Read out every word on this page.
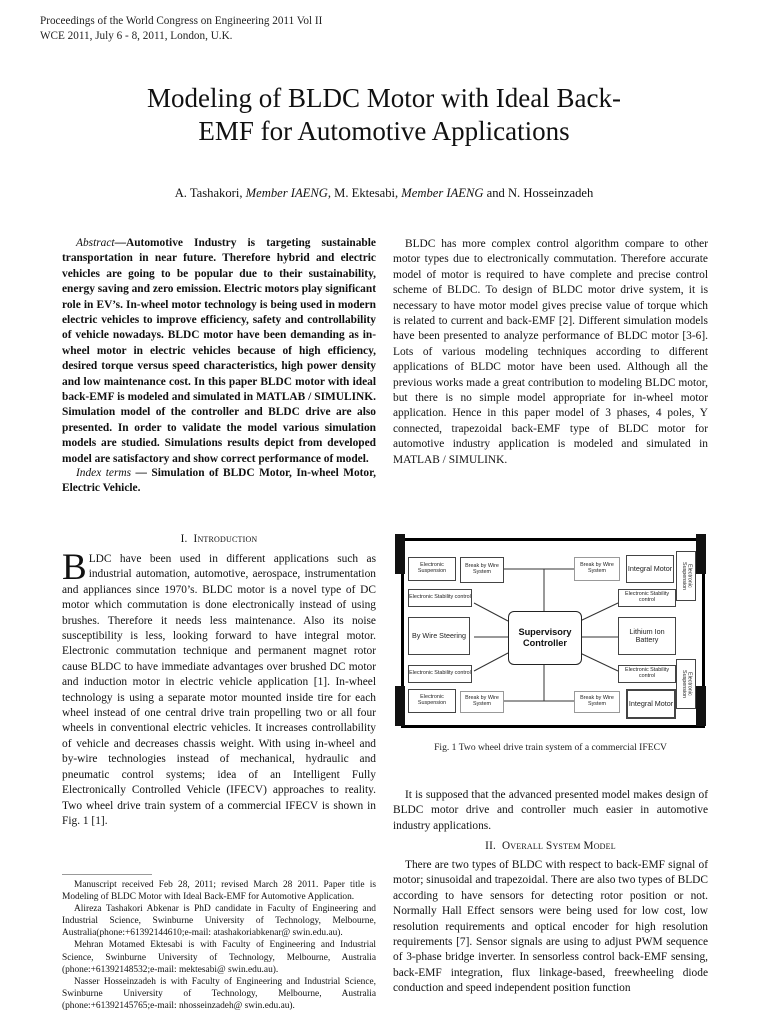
Proceedings of the World Congress on Engineering 2011 Vol II
WCE 2011, July 6 - 8, 2011, London, U.K.
Modeling of BLDC Motor with Ideal Back-
EMF for Automotive Applications
A. Tashakori, Member IAENG, M. Ektesabi, Member IAENG and N. Hosseinzadeh
Abstract—Automotive Industry is targeting sustainable transportation in near future. Therefore hybrid and electric vehicles are going to be popular due to their sustainability, energy saving and zero emission. Electric motors play significant role in EV’s. In-wheel motor technology is being used in modern electric vehicles to improve efficiency, safety and controllability of vehicle nowadays. BLDC motor have been demanding as in-wheel motor in electric vehicles because of high efficiency, desired torque versus speed characteristics, high power density and low maintenance cost. In this paper BLDC motor with ideal back-EMF is modeled and simulated in MATLAB / SIMULINK. Simulation model of the controller and BLDC drive are also presented. In order to validate the model various simulation models are studied. Simulations results depict from developed model are satisfactory and show correct performance of model.
Index terms — Simulation of BLDC Motor, In-wheel Motor, Electric Vehicle.
I. Introduction
BLDC have been used in different applications such as industrial automation, automotive, aerospace, instrumentation and appliances since 1970’s. BLDC motor is a novel type of DC motor which commutation is done electronically instead of using brushes. Therefore it needs less maintenance. Also its noise susceptibility is less, looking forward to have integral motor. Electronic commutation technique and permanent magnet rotor cause BLDC to have immediate advantages over brushed DC motor and induction motor in electric vehicle application [1]. In-wheel technology is using a separate motor mounted inside tire for each wheel instead of one central drive train propelling two or all four wheels in conventional electric vehicles. It increases controllability of vehicle and decreases chassis weight. With using in-wheel and by-wire technologies instead of mechanical, hydraulic and pneumatic control systems; idea of an Intelligent Fully Electronically Controlled Vehicle (IFECV) approaches to reality. Two wheel drive train system of a commercial IFECV is shown in Fig. 1 [1].

Manuscript received Feb 28, 2011; revised March 28 2011. Paper title is Modeling of BLDC Motor with Ideal Back-EMF for Automotive Application.

Alireza Tashakori Abkenar is PhD candidate in Faculty of Engineering and Industrial Science, Swinburne University of Technology, Melbourne, Australia(phone:+61392144610;e-mail: atashakoriabkenar@ swin.edu.au).

Mehran Motamed Ektesabi is with Faculty of Engineering and Industrial Science, Swinburne University of Technology, Melbourne, Australia (phone:+61392148532;e-mail: mektesabi@ swin.edu.au).

Nasser Hosseinzadeh is with Faculty of Engineering and Industrial Science, Swinburne University of Technology, Melbourne, Australia (phone:+61392145765;e-mail: nhosseinzadeh@ swin.edu.au).

BLDC has more complex control algorithm compare to other motor types due to electronically commutation. Therefore accurate model of motor is required to have complete and precise control scheme of BLDC. To design of BLDC motor drive system, it is necessary to have motor model gives precise value of torque which is related to current and back-EMF [2]. Different simulation models have been presented to analyze performance of BLDC motor [3-6]. Lots of various modeling techniques according to different applications of BLDC motor have been used. Although all the previous works made a great contribution to modeling BLDC motor, but there is no simple model appropriate for in-wheel motor application. Hence in this paper model of 3 phases, 4 poles, Y connected, trapezoidal back-EMF type of BLDC motor for automotive industry application is modeled and simulated in MATLAB / SIMULINK.
Electronic Suspension
Break by Wire System
Electronic Stability control
By Wire Steering
Electronic Stability control
Electronic Suspension
Break by Wire System
Supervisory Controller
Break by Wire System	Integral Motor	Electronic Suspension
Electronic Stability control
Lithium Ion Battery
Electronic Stability control	Electronic Suspension
Break by Wire System	Integral Motor
Fig. 1 Two wheel drive train system of a commercial IFECV
It is supposed that the advanced presented model makes design of BLDC motor drive and controller much easier in automotive industry applications.
II. Overall System Model
There are two types of BLDC with respect to back-EMF signal of motor; sinusoidal and trapezoidal. There are also two types of BLDC according to have sensors for detecting rotor position or not. Normally Hall Effect sensors were being used for low cost, low resolution requirements and optical encoder for high resolution requirements [7]. Sensor signals are using to adjust PWM sequence of 3-phase bridge inverter. In sensorless control back-EMF sensing, back-EMF integration, flux linkage-based, freewheeling diode conduction and speed independent position function
